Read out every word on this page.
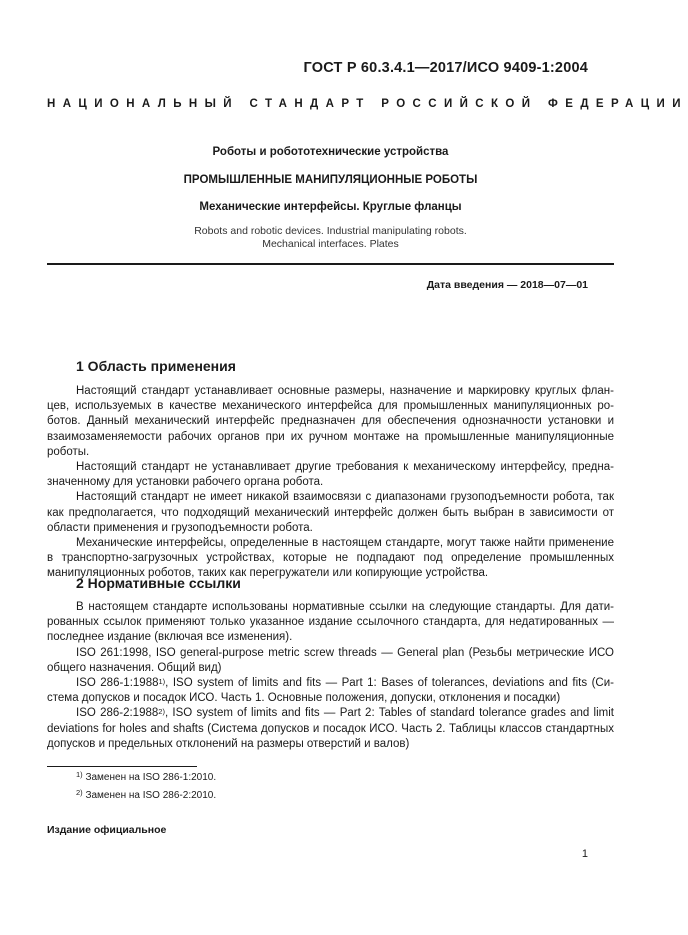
ГОСТ Р 60.3.4.1—2017/ИСО 9409-1:2004
НАЦИОНАЛЬНЫЙ СТАНДАРТ РОССИЙСКОЙ ФЕДЕРАЦИИ
Роботы и робототехнические устройства
ПРОМЫШЛЕННЫЕ МАНИПУЛЯЦИОННЫЕ РОБОТЫ
Механические интерфейсы. Круглые фланцы
Robots and robotic devices. Industrial manipulating robots.
Mechanical interfaces. Plates
Дата введения — 2018—07—01
1 Область применения

Настоящий стандарт устанавливает основные размеры, назначение и маркировку круглых фланцев, используемых в качестве механического интерфейса для промышленных манипуляционных роботов. Данный механический интерфейс предназначен для обеспечения однозначности установки и взаимозаменяемости рабочих органов при их ручном монтаже на промышленные манипуляционные роботы.

Настоящий стандарт не устанавливает другие требования к механическому интерфейсу, предназначенному для установки рабочего органа робота.

Настоящий стандарт не имеет никакой взаимосвязи с диапазонами грузоподъемности робота, так как предполагается, что подходящий механический интерфейс должен быть выбран в зависимости от области применения и грузоподъемности робота.

Механические интерфейсы, определенные в настоящем стандарте, могут также найти применение в транспортно-загрузочных устройствах, которые не подпадают под определение промышленных манипуляционных роботов, таких как перегружатели или копирующие устройства.

2 Нормативные ссылки

В настоящем стандарте использованы нормативные ссылки на следующие стандарты. Для датированных ссылок применяют только указанное издание ссылочного стандарта, для недатированных — последнее издание (включая все изменения).

ISO 261:1998, ISO general-purpose metric screw threads — General plan (Резьбы метрические ИСО общего назначения. Общий вид)

ISO 286-1:1988$^{1)}$, ISO system of limits and fits — Part 1: Bases of tolerances, deviations and fits (Система допусков и посадок ИСО. Часть 1. Основные положения, допуски, отклонения и посадки)

ISO 286-2:1988$^{2)}$, ISO system of limits and fits — Part 2: Tables of standard tolerance grades and limit deviations for holes and shafts (Система допусков и посадок ИСО. Часть 2. Таблицы классов стандартных допусков и предельных отклонений на размеры отверстий и валов)

$^{1)}$ Заменен на ISO 286-1:2010.
$^{2)}$ Заменен на ISO 286-2:2010.
Издание официальное
1
